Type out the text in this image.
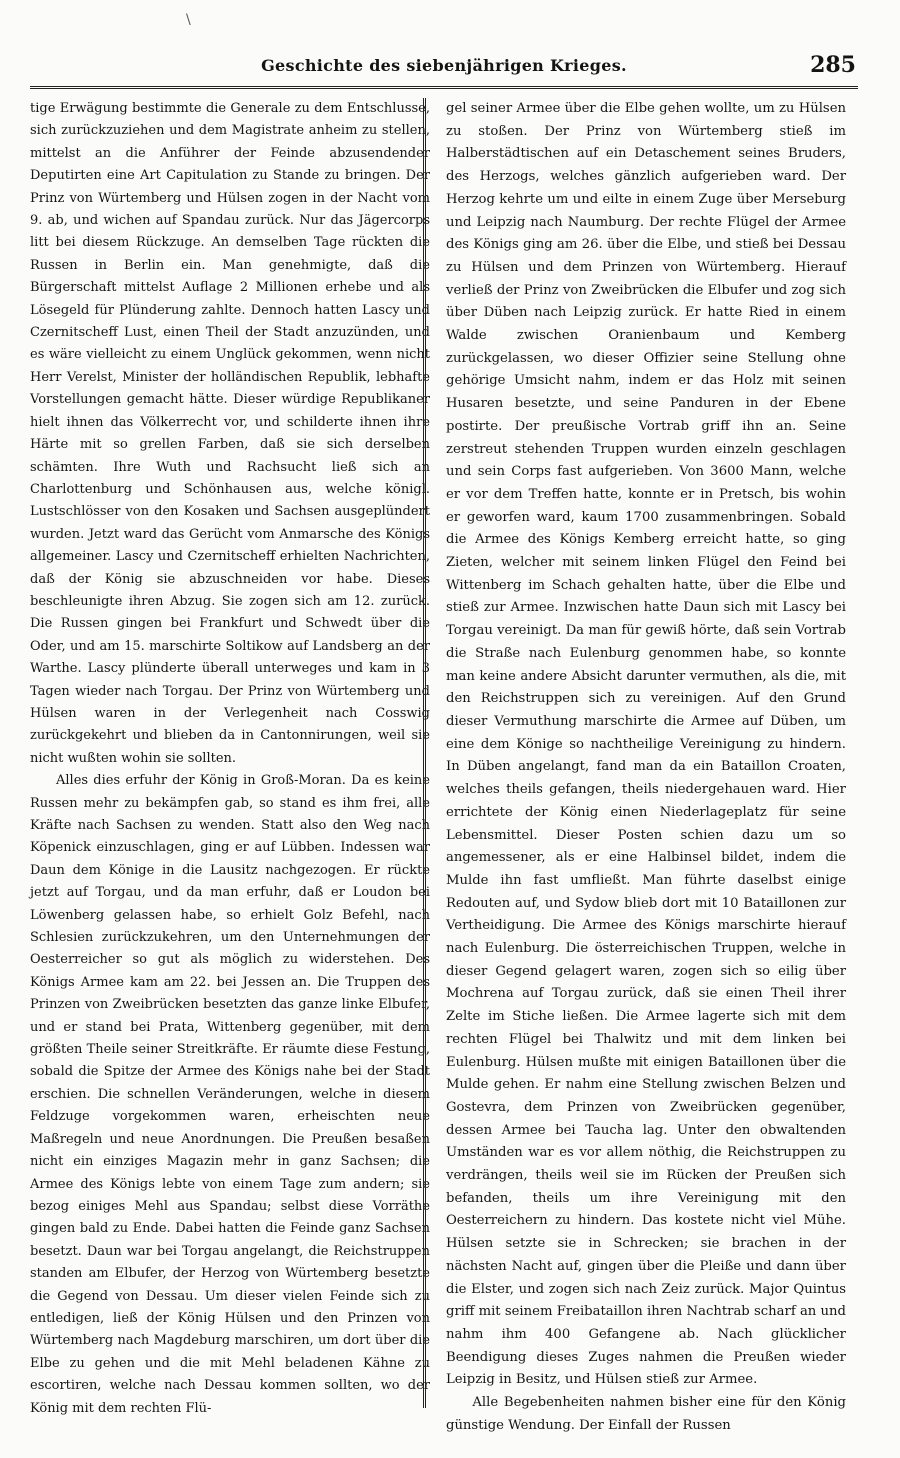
\
Geschichte des siebenjährigen Krieges.	285

tige Erwägung bestimmte die Generale zu dem Entschlusse, sich zurückzuziehen und dem Magistrate anheim zu stellen, mittelst an die Anführer der Feinde abzusendender Deputirten eine Art Capitulation zu Stande zu bringen. Der Prinz von Würtemberg und Hülsen zogen in der Nacht vom 9. ab, und wichen auf Spandau zurück. Nur das Jägercorps litt bei diesem Rückzuge. An demselben Tage rückten die Russen in Berlin ein. Man genehmigte, daß die Bürgerschaft mittelst Auflage 2 Millionen erhebe und als Lösegeld für Plünderung zahlte. Dennoch hatten Lascy und Czernitscheff Lust, einen Theil der Stadt anzuzünden, und es wäre vielleicht zu einem Unglück gekommen, wenn nicht Herr Verelst, Minister der holländischen Republik, lebhafte Vorstellungen gemacht hätte. Dieser würdige Republikaner hielt ihnen das Völkerrecht vor, und schilderte ihnen ihre Härte mit so grellen Farben, daß sie sich derselben schämten. Ihre Wuth und Rachsucht ließ sich an Charlottenburg und Schönhausen aus, welche königl. Lustschlösser von den Kosaken und Sachsen ausgeplündert wurden. Jetzt ward das Gerücht vom Anmarsche des Königs allgemeiner. Lascy und Czernitscheff erhielten Nachrichten, daß der König sie abzuschneiden vor habe. Dieses beschleunigte ihren Abzug. Sie zogen sich am 12. zurück. Die Russen gingen bei Frankfurt und Schwedt über die Oder, und am 15. marschirte Soltikow auf Landsberg an der Warthe. Lascy plünderte überall unterweges und kam in 3 Tagen wieder nach Torgau. Der Prinz von Würtemberg und Hülsen waren in der Verlegenheit nach Cosswig zurückgekehrt und blieben da in Cantonnirungen, weil sie nicht wußten wohin sie sollten.

Alles dies erfuhr der König in Groß-Moran. Da es keine Russen mehr zu bekämpfen gab, so stand es ihm frei, alle Kräfte nach Sachsen zu wenden. Statt also den Weg nach Köpenick einzuschlagen, ging er auf Lübben. Indessen war Daun dem Könige in die Lausitz nachgezogen. Er rückte jetzt auf Torgau, und da man erfuhr, daß er Loudon bei Löwenberg gelassen habe, so erhielt Golz Befehl, nach Schlesien zurückzukehren, um den Unternehmungen der Oesterreicher so gut als möglich zu widerstehen. Des Königs Armee kam am 22. bei Jessen an. Die Truppen des Prinzen von Zweibrücken besetzten das ganze linke Elbufer, und er stand bei Prata, Wittenberg gegenüber, mit dem größten Theile seiner Streitkräfte. Er räumte diese Festung, sobald die Spitze der Armee des Königs nahe bei der Stadt erschien. Die schnellen Veränderungen, welche in diesem Feldzuge vorgekommen waren, erheischten neue Maßregeln und neue Anordnungen. Die Preußen besaßen nicht ein einziges Magazin mehr in ganz Sachsen; die Armee des Königs lebte von einem Tage zum andern; sie bezog einiges Mehl aus Spandau; selbst diese Vorräthe gingen bald zu Ende. Dabei hatten die Feinde ganz Sachsen besetzt. Daun war bei Torgau angelangt, die Reichstruppen standen am Elbufer, der Herzog von Würtemberg besetzte die Gegend von Dessau. Um dieser vielen Feinde sich zu entledigen, ließ der König Hülsen und den Prinzen von Würtemberg nach Magdeburg marschiren, um dort über die Elbe zu gehen und die mit Mehl beladenen Kähne zu escortiren, welche nach Dessau kommen sollten, wo der König mit dem rechten Flü-

gel seiner Armee über die Elbe gehen wollte, um zu Hülsen zu stoßen. Der Prinz von Würtemberg stieß im Halberstädtischen auf ein Detaschement seines Bruders, des Herzogs, welches gänzlich aufgerieben ward. Der Herzog kehrte um und eilte in einem Zuge über Merseburg und Leipzig nach Naumburg. Der rechte Flügel der Armee des Königs ging am 26. über die Elbe, und stieß bei Dessau zu Hülsen und dem Prinzen von Würtemberg. Hierauf verließ der Prinz von Zweibrücken die Elbufer und zog sich über Düben nach Leipzig zurück. Er hatte Ried in einem Walde zwischen Oranienbaum und Kemberg zurückgelassen, wo dieser Offizier seine Stellung ohne gehörige Umsicht nahm, indem er das Holz mit seinen Husaren besetzte, und seine Panduren in der Ebene postirte. Der preußische Vortrab griff ihn an. Seine zerstreut stehenden Truppen wurden einzeln geschlagen und sein Corps fast aufgerieben. Von 3600 Mann, welche er vor dem Treffen hatte, konnte er in Pretsch, bis wohin er geworfen ward, kaum 1700 zusammenbringen. Sobald die Armee des Königs Kemberg erreicht hatte, so ging Zieten, welcher mit seinem linken Flügel den Feind bei Wittenberg im Schach gehalten hatte, über die Elbe und stieß zur Armee. Inzwischen hatte Daun sich mit Lascy bei Torgau vereinigt. Da man für gewiß hörte, daß sein Vortrab die Straße nach Eulenburg genommen habe, so konnte man keine andere Absicht darunter vermuthen, als die, mit den Reichstruppen sich zu vereinigen. Auf den Grund dieser Vermuthung marschirte die Armee auf Düben, um eine dem Könige so nachtheilige Vereinigung zu hindern. In Düben angelangt, fand man da ein Bataillon Croaten, welches theils gefangen, theils niedergehauen ward. Hier errichtete der König einen Niederlageplatz für seine Lebensmittel. Dieser Posten schien dazu um so angemessener, als er eine Halbinsel bildet, indem die Mulde ihn fast umfließt. Man führte daselbst einige Redouten auf, und Sydow blieb dort mit 10 Bataillonen zur Vertheidigung. Die Armee des Königs marschirte hierauf nach Eulenburg. Die österreichischen Truppen, welche in dieser Gegend gelagert waren, zogen sich so eilig über Mochrena auf Torgau zurück, daß sie einen Theil ihrer Zelte im Stiche ließen. Die Armee lagerte sich mit dem rechten Flügel bei Thalwitz und mit dem linken bei Eulenburg. Hülsen mußte mit einigen Bataillonen über die Mulde gehen. Er nahm eine Stellung zwischen Belzen und Gostevra, dem Prinzen von Zweibrücken gegenüber, dessen Armee bei Taucha lag. Unter den obwaltenden Umständen war es vor allem nöthig, die Reichstruppen zu verdrängen, theils weil sie im Rücken der Preußen sich befanden, theils um ihre Vereinigung mit den Oesterreichern zu hindern. Das kostete nicht viel Mühe. Hülsen setzte sie in Schrecken; sie brachen in der nächsten Nacht auf, gingen über die Pleiße und dann über die Elster, und zogen sich nach Zeiz zurück. Major Quintus griff mit seinem Freibataillon ihren Nachtrab scharf an und nahm ihm 400 Gefangene ab. Nach glücklicher Beendigung dieses Zuges nahmen die Preußen wieder Leipzig in Besitz, und Hülsen stieß zur Armee.

Alle Begebenheiten nahmen bisher eine für den König günstige Wendung. Der Einfall der Russen
